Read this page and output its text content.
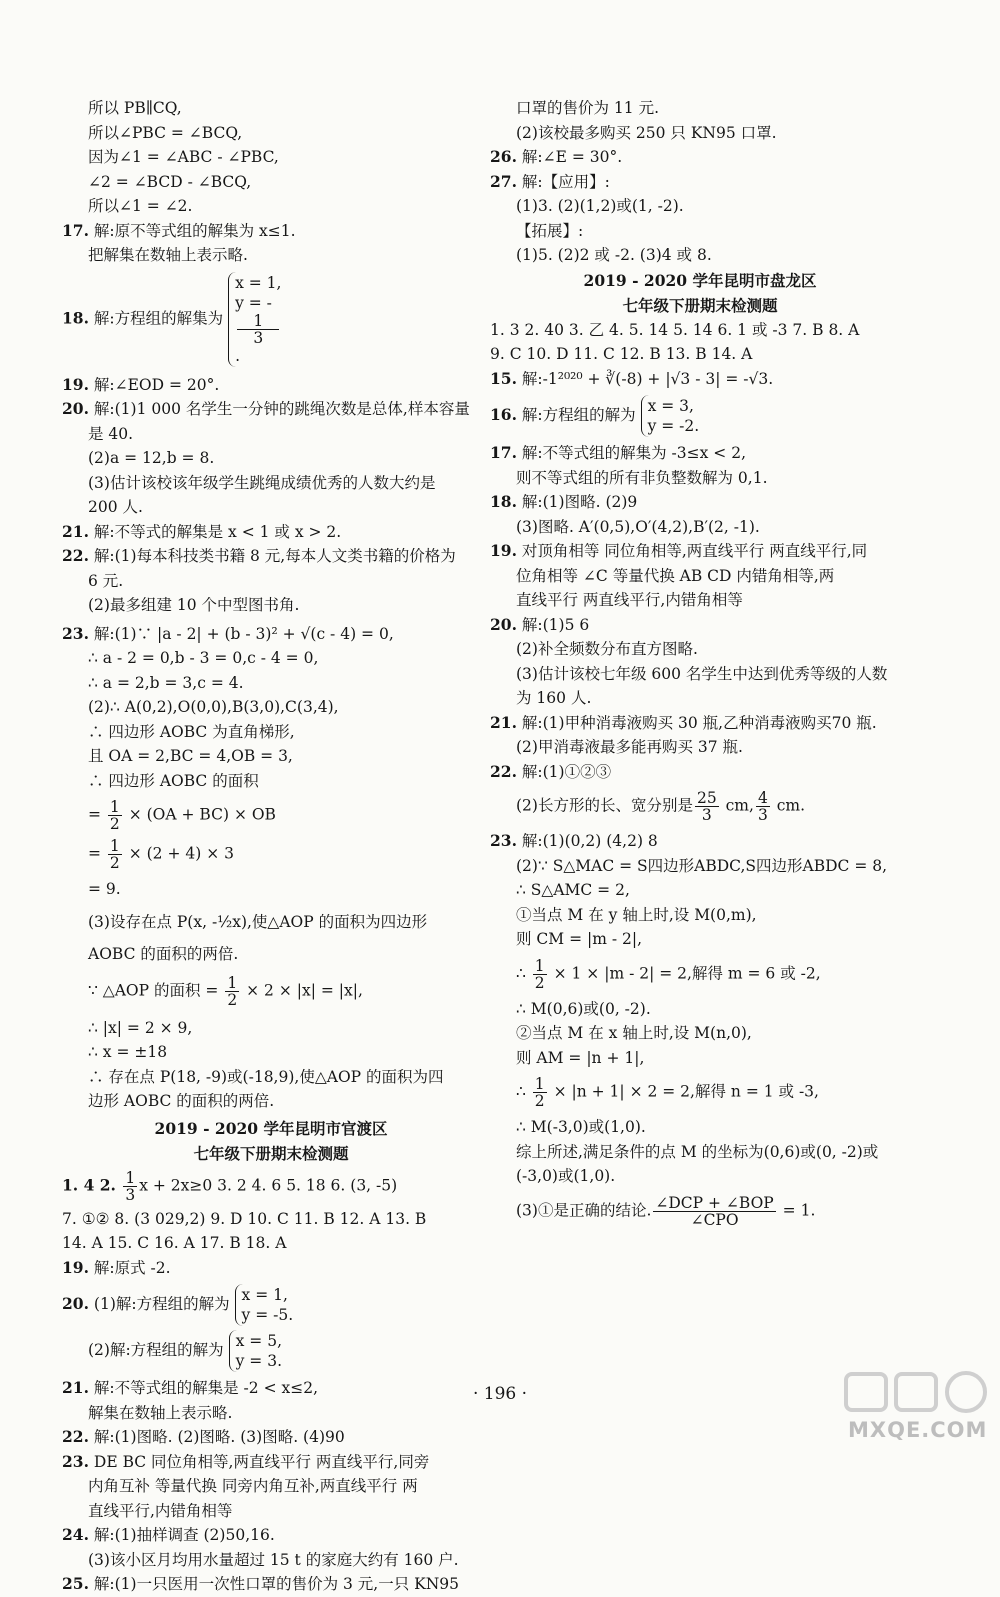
所以 PB∥CQ,
所以∠PBC = ∠BCQ,
因为∠1 = ∠ABC - ∠PBC,
∠2 = ∠BCD - ∠BCQ,
所以∠1 = ∠2.
17. 解:原不等式组的解集为 x≤1.
把解集在数轴上表示略.
18. 解:方程组的解集为
x = 1,
y = -
1
3
.
19. 解:∠EOD = 20°.
20. 解:(1)1 000 名学生一分钟的跳绳次数是总体,样本容量
是 40.
(2)a = 12,b = 8.
(3)估计该校该年级学生跳绳成绩优秀的人数大约是
200 人.
21. 解:不等式的解集是 x < 1 或 x > 2.
22. 解:(1)每本科技类书籍 8 元,每本人文类书籍的价格为
6 元.
(2)最多组建 10 个中型图书角.
23. 解:(1)∵ |a - 2| + (b - 3)² + √(c - 4) = 0,
∴ a - 2 = 0,b - 3 = 0,c - 4 = 0,
∴ a = 2,b = 3,c = 4.
(2)∴ A(0,2),O(0,0),B(3,0),C(3,4),
∴ 四边形 AOBC 为直角梯形,
且 OA = 2,BC = 4,OB = 3,
∴ 四边形 AOBC 的面积
= $\frac{1}{2} \times (OA + BC)$ × OB
= $\frac{1}{2} \times (2 + 4) \times 3$
= 9.
(3)设存在点 P(x, -½x),使△AOP 的面积为四边形
AOBC 的面积的两倍.
∵ △AOP 的面积 = $\frac{1}{2} \times 2 \times |x| = |x|$,
∴ |x| = 2 × 9,
∴ x = ±18
∴ 存在点 P(18, -9)或(-18,9),使△AOP 的面积为四
边形 AOBC 的面积的两倍.
2019 - 2020 学年昆明市官渡区
七年级下册期末检测题
1. 4 2. $\frac{1}{3}$ x + 2x≥0 3. 2 4. 6 5. 18 6. (3, -5)
7. ①② 8. (3 029,2) 9. D 10. C 11. B 12. A 13. B
14. A 15. C 16. A 17. B 18. A
19. 解:原式 -2.
20. (1)解:方程组的解为 x = 1,
y = -5.
(2)解:方程组的解为 x = 5,
y = 3.
21. 解:不等式组的解集是 -2 < x≤2,
解集在数轴上表示略.
22. 解:(1)图略. (2)图略. (3)图略. (4)90
23. DE BC 同位角相等,两直线平行 两直线平行,同旁
内角互补 等量代换 同旁内角互补,两直线平行 两
直线平行,内错角相等
24. 解:(1)抽样调查 (2)50,16.
(3)该小区月均用水量超过 15 t 的家庭大约有 160 户.
25. 解:(1)一只医用一次性口罩的售价为 3 元,一只 KN95
口罩的售价为 11 元.
(2)该校最多购买 250 只 KN95 口罩.
26. 解:∠E = 30°.
27. 解:【应用】:
(1)3. (2)(1,2)或(1, -2).
【拓展】:
(1)5. (2)2 或 -2. (3)4 或 8.
2019 - 2020 学年昆明市盘龙区
七年级下册期末检测题
1. 3 2. 40 3. 乙 4. 5. 14 5. 14 6. 1 或 -3 7. B 8. A
9. C 10. D 11. C 12. B 13. B 14. A
15. 解:-1²⁰²⁰ + ∛(-8) + |√3 - 3| = -√3.
16. 解:方程组的解为 x = 3,
y = -2.
17. 解:不等式组的解集为 -3≤x < 2,
则不等式组的所有非负整数解为 0,1.
18. 解:(1)图略. (2)9
(3)图略. A′(0,5),O′(4,2),B′(2, -1).
19. 对顶角相等 同位角相等,两直线平行 两直线平行,同
位角相等 ∠C 等量代换 AB CD 内错角相等,两
直线平行 两直线平行,内错角相等
20. 解:(1)5 6
(2)补全频数分布直方图略.
(3)估计该校七年级 600 名学生中达到优秀等级的人数
为 160 人.
21. 解:(1)甲种消毒液购买 30 瓶,乙种消毒液购买70 瓶.
(2)甲消毒液最多能再购买 37 瓶.
22. 解:(1)①②③
(2)长方形的长、宽分别是 $\frac{25}{3}$ cm, $\frac{4}{3}$ cm.
23. 解:(1)(0,2) (4,2) 8
(2)∵ S△MAC = S四边形ABDC,S四边形ABDC = 8,
∴ S△AMC = 2,
①当点 M 在 y 轴上时,设 M(0,m),
则 CM = |m - 2|,
∴ $\frac{1}{2} \times 1 \times |m - 2| = 2$,解得 m = 6 或 -2,
∴ M(0,6)或(0, -2).
②当点 M 在 x 轴上时,设 M(n,0),
则 AM = |n + 1|,
∴ $\frac{1}{2} \times |n + 1| \times 2 = 2$,解得 n = 1 或 -3,
∴ M(-3,0)或(1,0).
综上所述,满足条件的点 M 的坐标为(0,6)或(0, -2)或
(-3,0)或(1,0).
(3)①是正确的结论. $\frac{\text{∠DCP + ∠BOP}}{\text{∠CPO}} = 1$.
· 196 ·
MXQE.COM
